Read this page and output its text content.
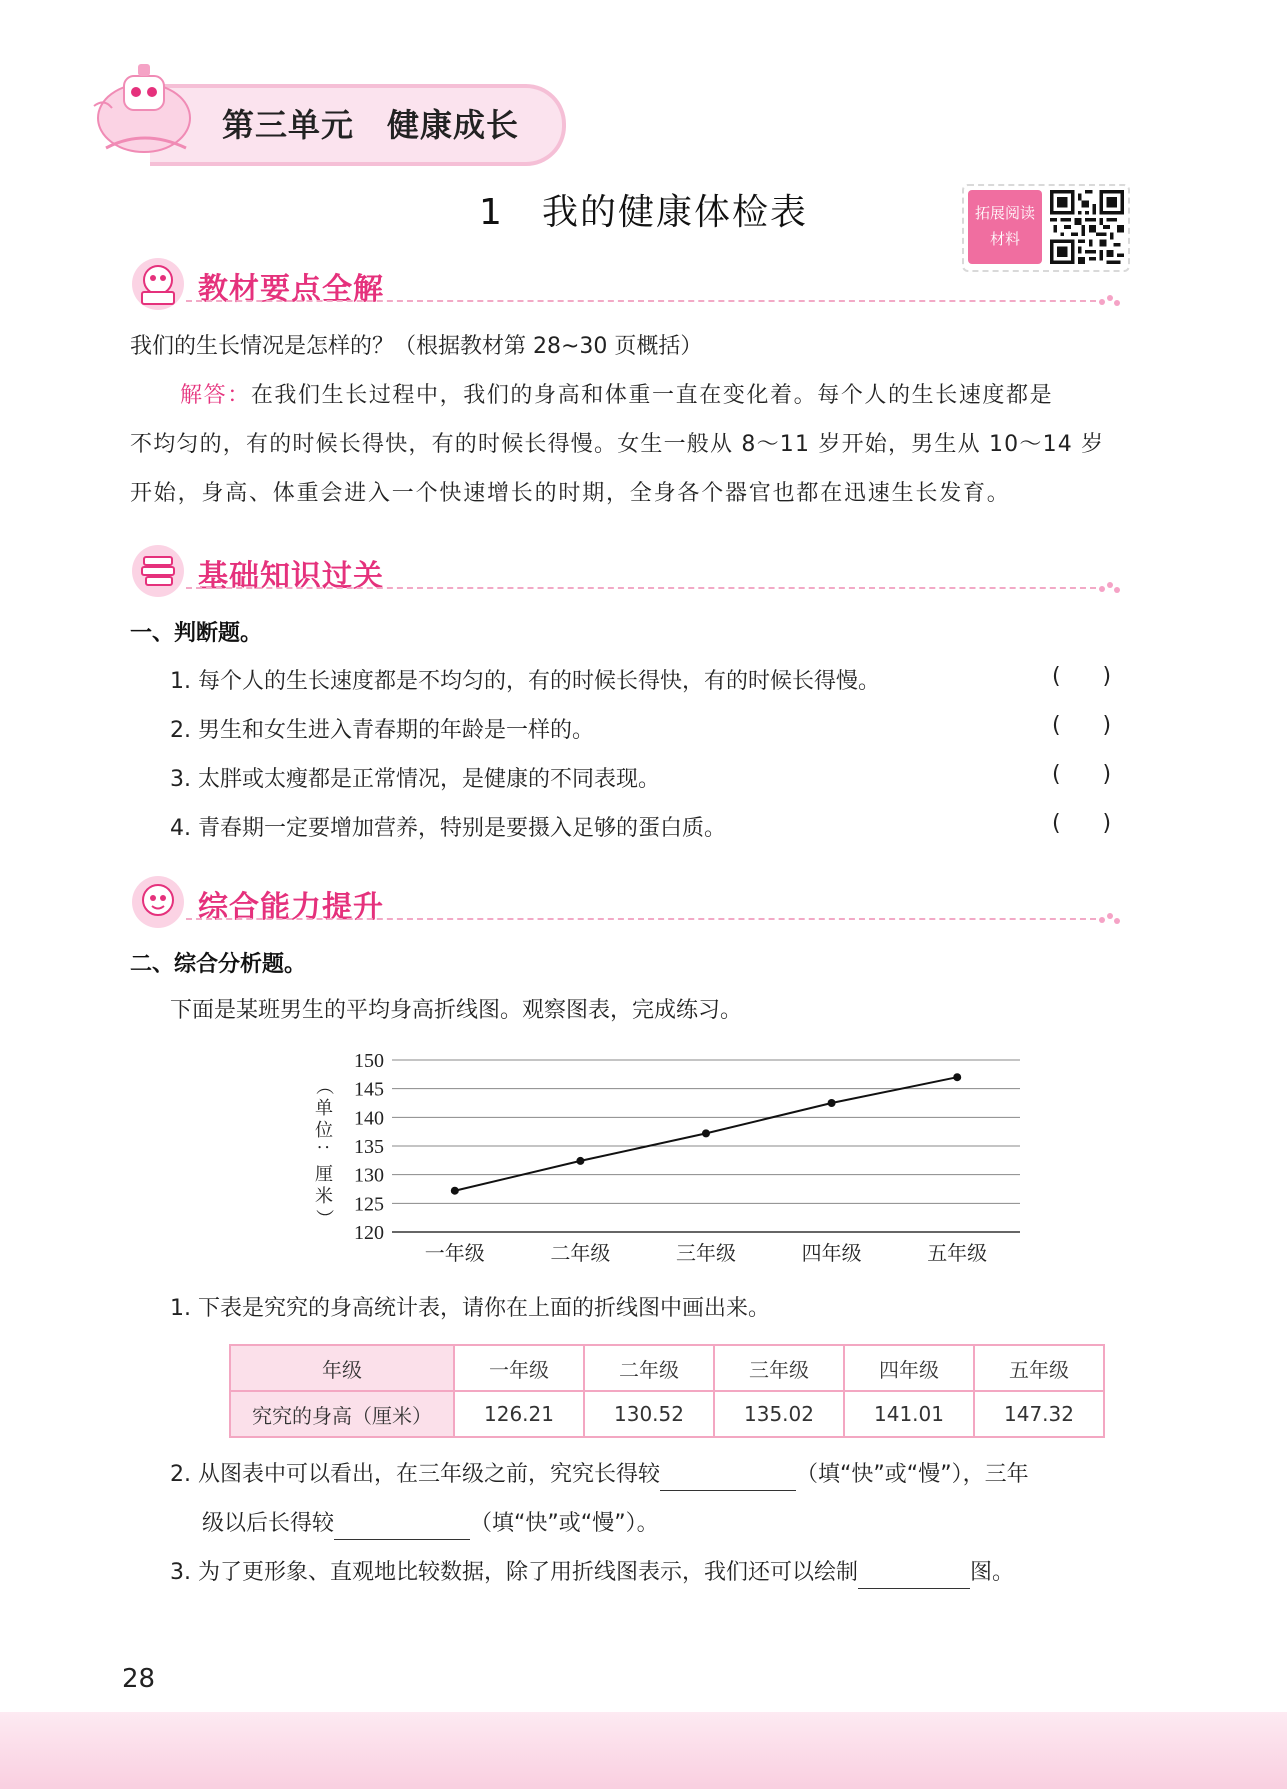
第三单元　健康成长
1　我的健康体检表	拓展阅读
材料
教材要点全解
我们的生长情况是怎样的？（根据教材第 28~30 页概括）
解答：在我们生长过程中，我们的身高和体重一直在变化着。每个人的生长速度都是
不均匀的，有的时候长得快，有的时候长得慢。女生一般从 8～11 岁开始，男生从 10～14 岁
开始，身高、体重会进入一个快速增长的时期，全身各个器官也都在迅速生长发育。
基础知识过关
一、判断题。
1. 每个人的生长速度都是不均匀的，有的时候长得快，有的时候长得慢。	(      )
2. 男生和女生进入青春期的年龄是一样的。	(      )
3. 太胖或太瘦都是正常情况，是健康的不同表现。	(      )
4. 青春期一定要增加营养，特别是要摄入足够的蛋白质。	(      )
综合能力提升
二、综合分析题。
下面是某班男生的平均身高折线图。观察图表，完成练习。
120
125
130
135
140
145
150
一年级	二年级	三年级	四年级	五年级
（
单
位
：
厘
米
）
1. 下表是究究的身高统计表，请你在上面的折线图中画出来。
年级	一年级	二年级	三年级	四年级	五年级
究究的身高（厘米）	126.21	130.52	135.02	141.01	147.32
2. 从图表中可以看出，在三年级之前，究究长得较	（填“快”或“慢”），三年
级以后长得较	（填“快”或“慢”）。
3. 为了更形象、直观地比较数据，除了用折线图表示，我们还可以绘制	图。
28
